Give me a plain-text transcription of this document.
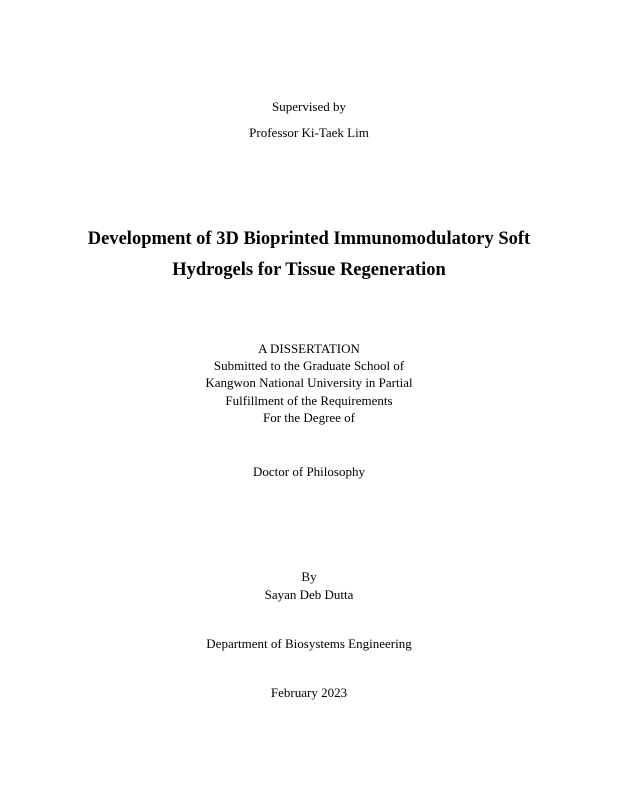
Supervised by
Professor Ki-Taek Lim
Development of 3D Bioprinted Immunomodulatory Soft
Hydrogels for Tissue Regeneration
A DISSERTATION
Submitted to the Graduate School of
Kangwon National University in Partial
Fulfillment of the Requirements
For the Degree of
Doctor of Philosophy
By
Sayan Deb Dutta
Department of Biosystems Engineering
February 2023
